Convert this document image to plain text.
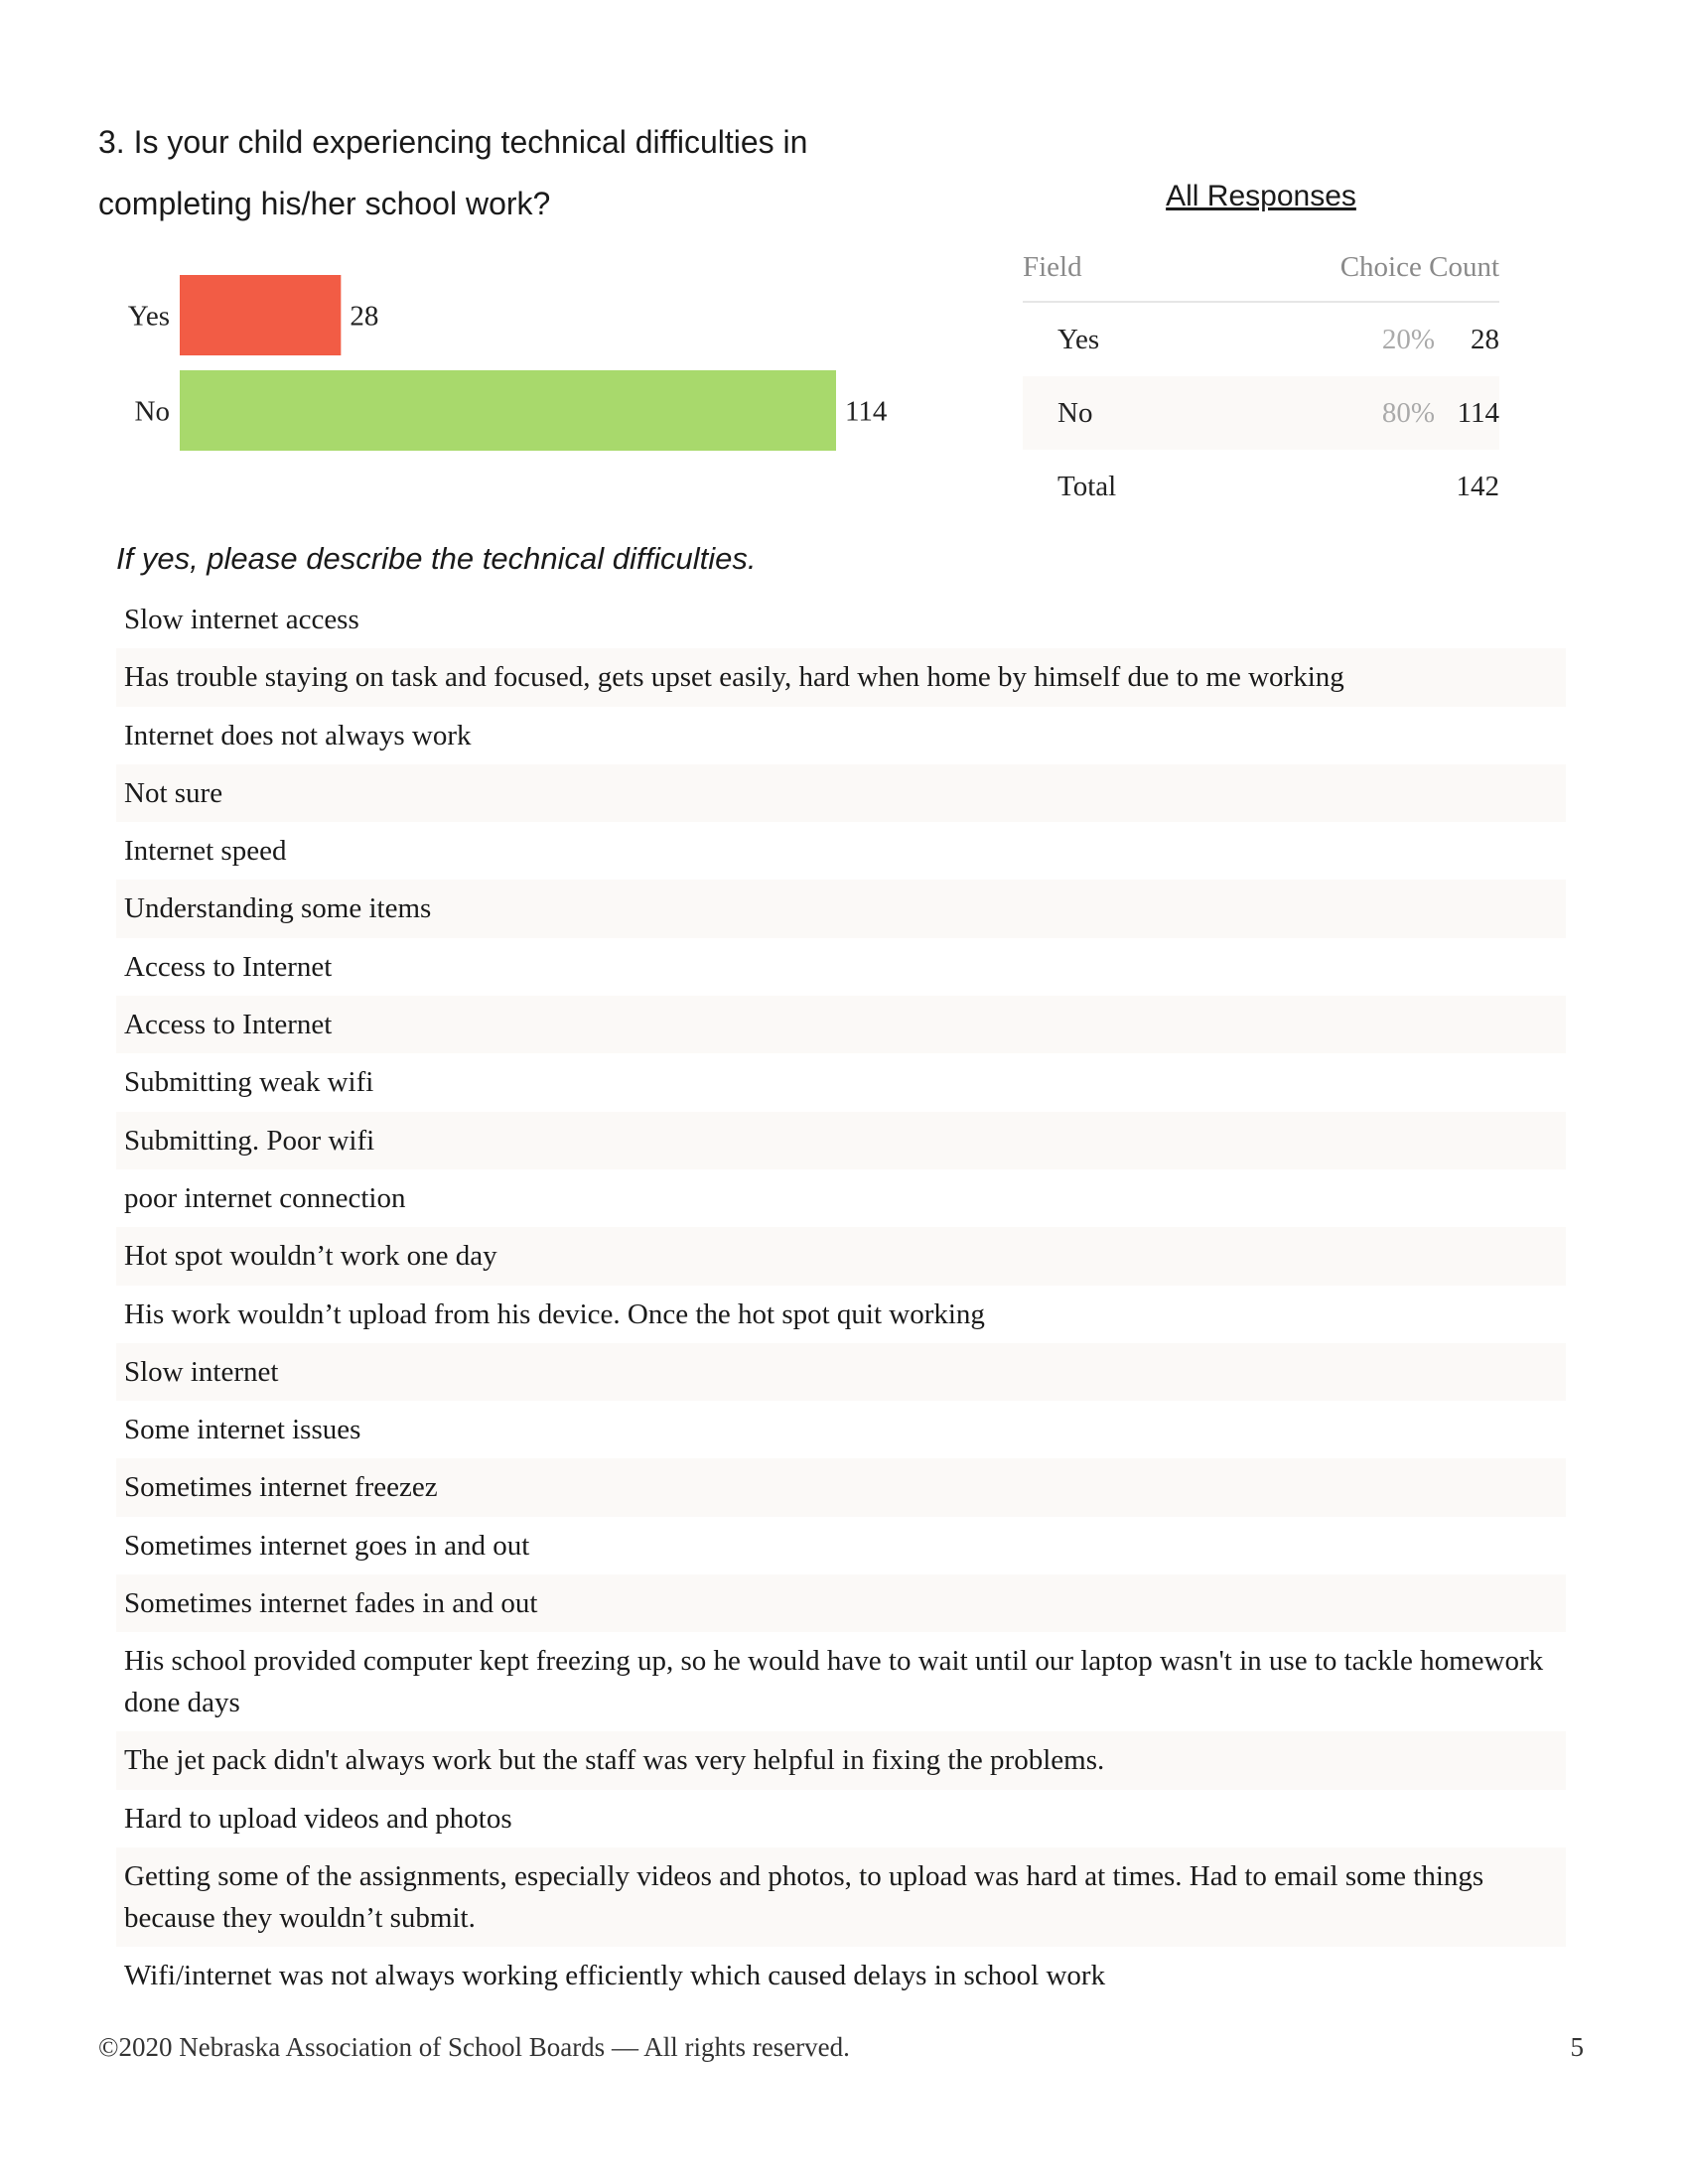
3. Is your child experiencing technical difficulties in
completing his/her school work?
Yes	28
No	114
All Responses
Field	Choice Count
Yes	20% 28
No	80% 114
Total	142
If yes, please describe the technical difficulties.
Slow internet access
Has trouble staying on task and focused, gets upset easily, hard when home by himself due to me working
Internet does not always work
Not sure
Internet speed
Understanding some items
Access to Internet
Access to Internet
Submitting weak wifi
Submitting. Poor wifi
poor internet connection
Hot spot wouldn’t work one day
His work wouldn’t upload from his device. Once the hot spot quit working
Slow internet
Some internet issues
Sometimes internet freezez
Sometimes internet goes in and out
Sometimes internet fades in and out
His school provided computer kept freezing up, so he would have to wait until our laptop wasn't in use to tackle homework done days
The jet pack didn't always work but the staff was very helpful in fixing the problems.
Hard to upload videos and photos
Getting some of the assignments, especially videos and photos, to upload was hard at times. Had to email some things because they wouldn’t submit.
Wifi/internet was not always working efficiently which caused delays in school work
©2020 Nebraska Association of School Boards — All rights reserved.	5
